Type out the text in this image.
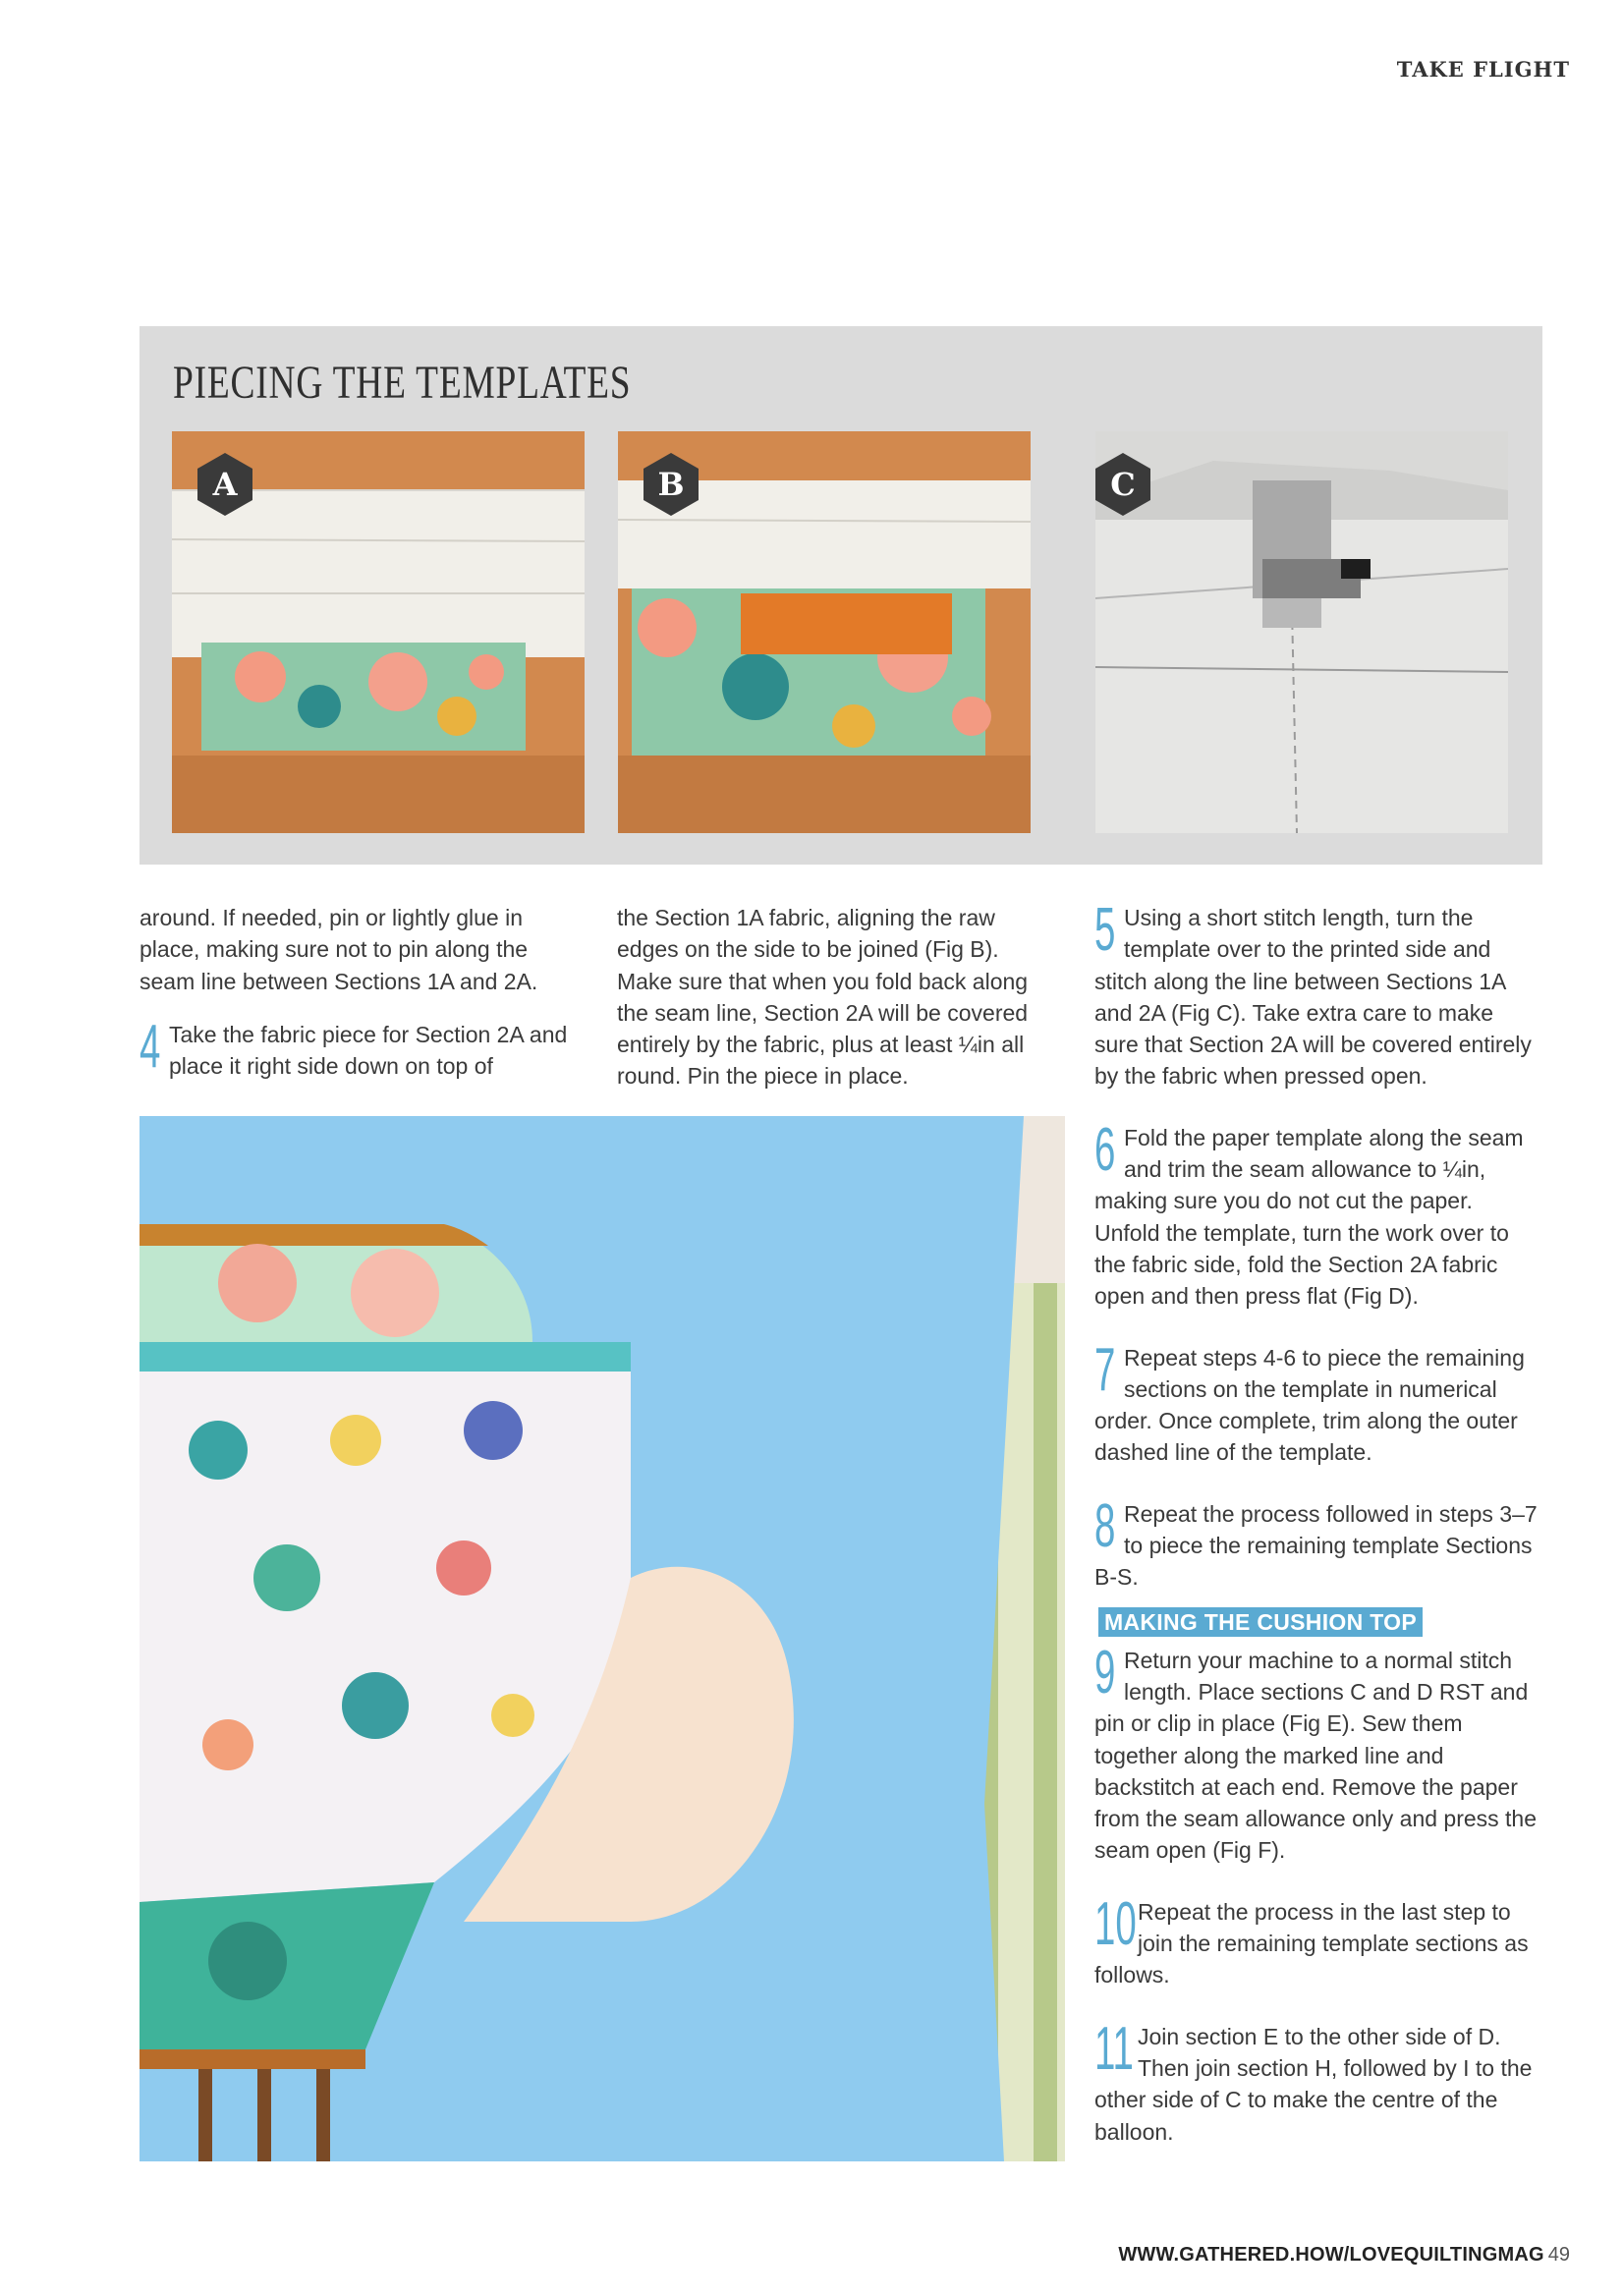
TAKE FLIGHT
PIECING THE TEMPLATES
A	B	C

around. If needed, pin or lightly glue in place, making sure not to pin along the seam line between Sections 1A and 2A.

4 Take the fabric piece for Section 2A and place it right side down on top of

the Section 1A fabric, aligning the raw edges on the side to be joined (Fig B). Make sure that when you fold back along the seam line, Section 2A will be covered entirely by the fabric, plus at least ¼in all round. Pin the piece in place.

5 Using a short stitch length, turn the template over to the printed side and stitch along the line between Sections 1A and 2A (Fig C). Take extra care to make sure that Section 2A will be covered entirely by the fabric when pressed open.
6 Fold the paper template along the seam and trim the seam allowance to ¼in, making sure you do not cut the paper. Unfold the template, turn the work over to the fabric side, fold the Section 2A fabric open and then press flat (Fig D).
7 Repeat steps 4-6 to piece the remaining sections on the template in numerical order. Once complete, trim along the outer dashed line of the template.
8 Repeat the process followed in steps 3–7 to piece the remaining template Sections B-S.
MAKING THE CUSHION TOP
9 Return your machine to a normal stitch length. Place sections C and D RST and pin or clip in place (Fig E). Sew them together along the marked line and backstitch at each end. Remove the paper from the seam allowance only and press the seam open (Fig F).
10 Repeat the process in the last step to join the remaining template sections as follows.
11 Join section E to the other side of D. Then join section H, followed by I to the other side of C to make the centre of the balloon.
WWW.GATHERED.HOW/LOVEQUILTINGMAG 49
